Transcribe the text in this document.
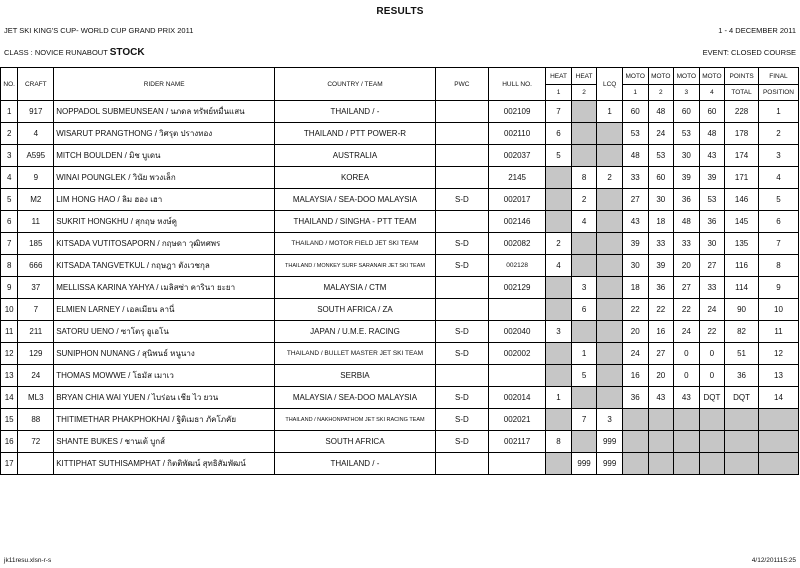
RESULTS
JET SKI KING'S CUP- WORLD CUP GRAND PRIX 2011	1 - 4 DECEMBER 2011
CLASS : NOVICE RUNABOUT STOCK	EVENT: CLOSED COURSE
NO.	CRAFT	RIDER NAME	COUNTRY / TEAM	PWC	HULL NO.	HEAT	HEAT	LCQ	MOTO	MOTO	MOTO	MOTO	POINTS	FINAL
						1	2		1	2	3	4	TOTAL	POSITION
1	917	NOPPADOL SUBMEUNSEAN / นภดล ทรัพย์หมื่นแสน	THAILAND / -		002109	7		1	60	48	60	60	228	1
2	4	WISARUT PRANGTHONG / วิศรุต ปรางทอง	THAILAND / PTT POWER-R		002110	6			53	24	53	48	178	2
3	A595	MITCH BOULDEN / มิช บูเดน	AUSTRALIA		002037	5			48	53	30	43	174	3
4	9	WINAI POUNGLEK / วินัย พวงเล็ก	KOREA		2145		8	2	33	60	39	39	171	4
5	M2	LIM HONG HAO / ลิม ฮอง เฮา	MALAYSIA / SEA-DOO MALAYSIA	S-D	002017		2		27	30	36	53	146	5
6	11	SUKRIT HONGKHU / สุกฤษ หงษ์คู	THAILAND / SINGHA - PTT TEAM		002146		4		43	18	48	36	145	6
7	185	KITSADA VUTITOSAPORN / กฤษดา วุฒิทศพร	THAILAND / MOTOR FIELD JET SKI TEAM	S-D	002082	2			39	33	33	30	135	7
8	666	KITSADA TANGVETKUL / กฤษฎา ตังเวชกุล	THAILAND / MONKEY SURF SARANAIR JET SKI TEAM	S-D	002128	4			30	39	20	27	116	8
9	37	MELLISSA KARINA YAHYA / เมลิสซ่า คารินา ยะยา	MALAYSIA / CTM		002129		3		18	36	27	33	114	9
10	7	ELMIEN LARNEY / เอลเมียน ลานี่	SOUTH AFRICA / ZA				6		22	22	22	24	90	10
11	211	SATORU UENO / ซาโตรุ อูเอโน	JAPAN / U.M.E. RACING	S-D	002040	3			20	16	24	22	82	11
12	129	SUNIPHON NUNANG / สุนิพนธ์ หนูนาง	THAILAND / BULLET MASTER JET SKI TEAM	S-D	002002		1		24	27	0	0	51	12
13	24	THOMAS MOWWE / โธมัส เมาเว	SERBIA				5		16	20	0	0	36	13
14	ML3	BRYAN CHIA WAI YUEN / ไบร่อน เชีย ไว ยวน	MALAYSIA / SEA-DOO MALAYSIA	S-D	002014	1			36	43	43	DQT	DQT	14
15	88	THITIMETHAR PHAKPHOKHAI / ฐิติเมธา ภัคโภคัย	THAILAND / NAKHONPATHOM JET SKI RACING TEAM	S-D	002021		7	3						
16	72	SHANTE BUKES / ชานเต้ บูกส์	SOUTH AFRICA	S-D	002117	8		999						
17		KITTIPHAT SUTHISAMPHAT / กิตติพัฒน์ สุทธิสัมพัฒน์	THAILAND / -				999	999						
jk11resu.xlsn-r-s	4/12/201115:25
